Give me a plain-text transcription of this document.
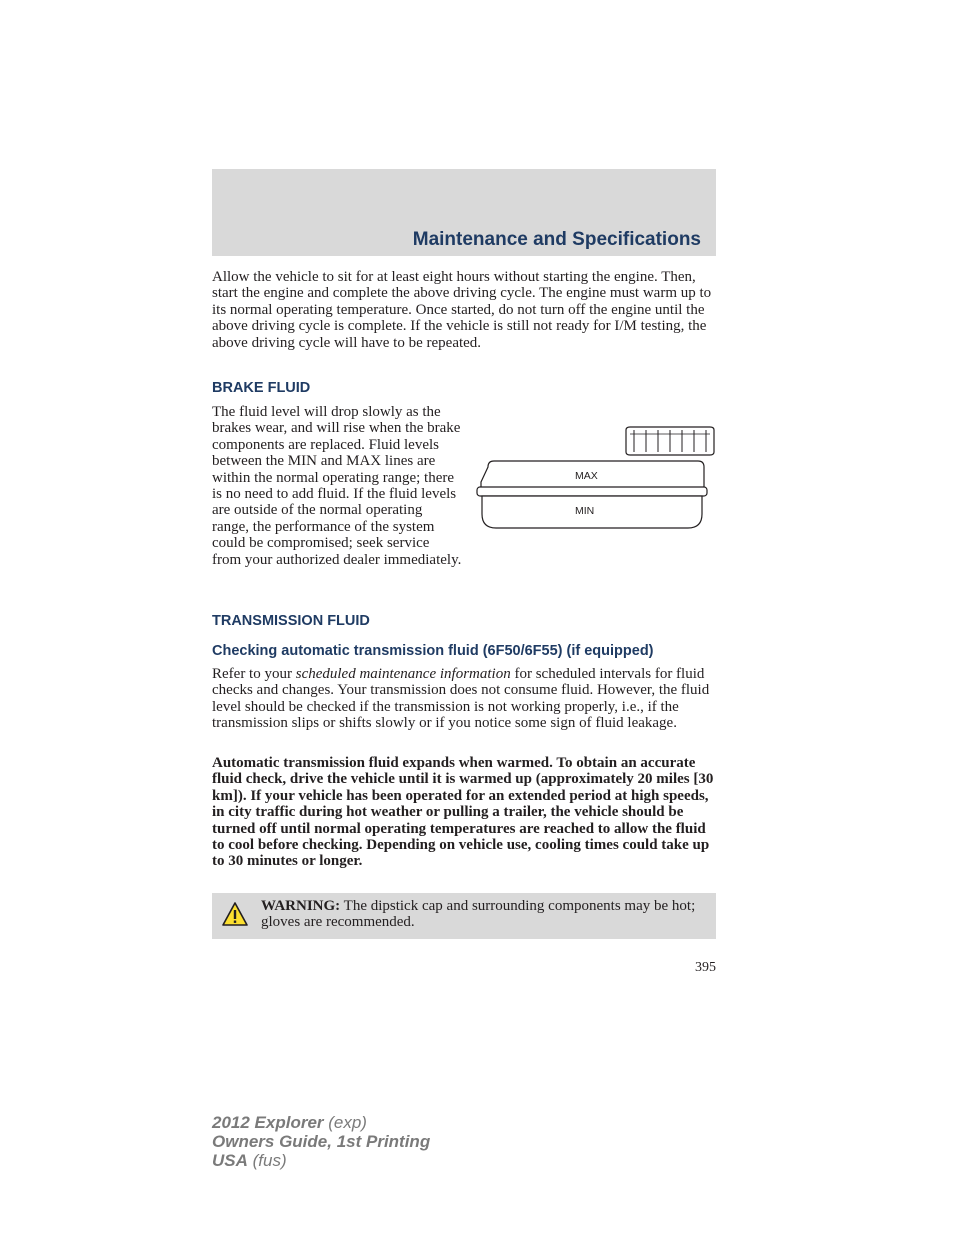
Maintenance and Specifications
Allow the vehicle to sit for at least eight hours without starting the engine. Then, start the engine and complete the above driving cycle. The engine must warm up to its normal operating temperature. Once started, do not turn off the engine until the above driving cycle is complete. If the vehicle is still not ready for I/M testing, the above driving cycle will have to be repeated.
BRAKE FLUID
The fluid level will drop slowly as the brakes wear, and will rise when the brake components are replaced. Fluid levels between the MIN and MAX lines are within the normal operating range; there is no need to add fluid. If the fluid levels are outside of the normal operating range, the performance of the system could be compromised; seek service from your authorized dealer immediately.
MAX
MIN
TRANSMISSION FLUID
Checking automatic transmission fluid (6F50/6F55) (if equipped)
Refer to your scheduled maintenance information for scheduled intervals for fluid checks and changes. Your transmission does not consume fluid. However, the fluid level should be checked if the transmission is not working properly, i.e., if the transmission slips or shifts slowly or if you notice some sign of fluid leakage.
Automatic transmission fluid expands when warmed. To obtain an accurate fluid check, drive the vehicle until it is warmed up (approximately 20 miles [30 km]). If your vehicle has been operated for an extended period at high speeds, in city traffic during hot weather or pulling a trailer, the vehicle should be turned off until normal operating temperatures are reached to allow the fluid to cool before checking. Depending on vehicle use, cooling times could take up to 30 minutes or longer.
WARNING: The dipstick cap and surrounding components may be hot; gloves are recommended.
395
2012 Explorer (exp)
Owners Guide, 1st Printing
USA (fus)
